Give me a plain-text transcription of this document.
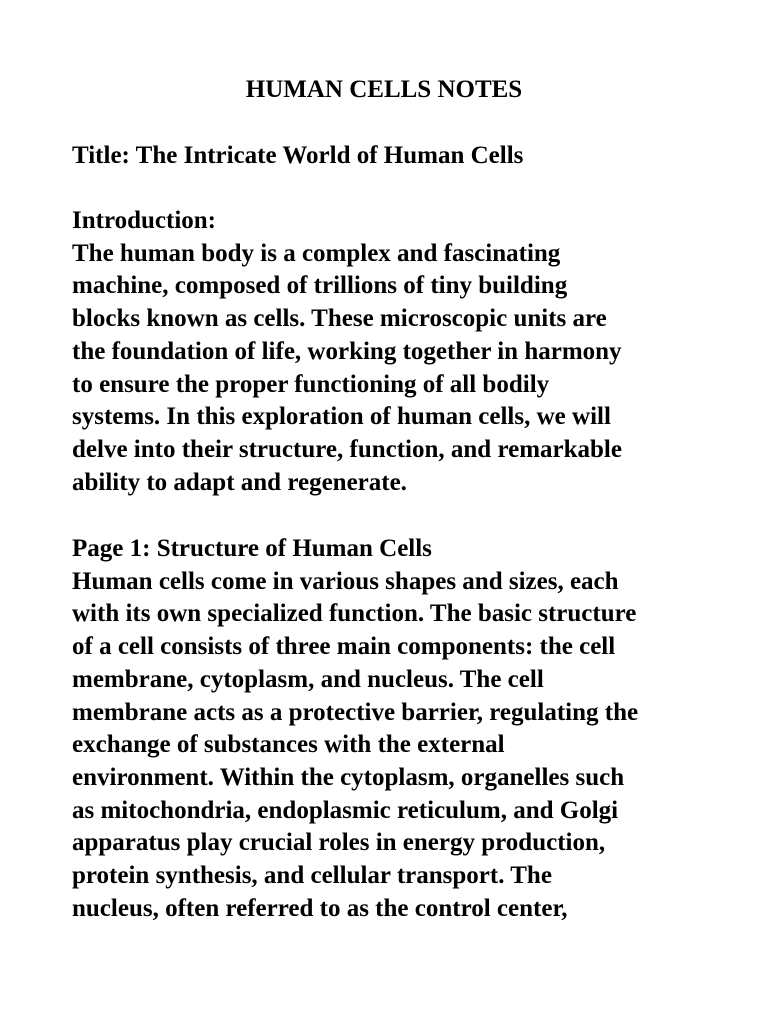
HUMAN CELLS NOTES

Title: The Intricate World of Human Cells

Introduction:
The human body is a complex and fascinating
machine, composed of trillions of tiny building
blocks known as cells. These microscopic units are
the foundation of life, working together in harmony
to ensure the proper functioning of all bodily
systems. In this exploration of human cells, we will
delve into their structure, function, and remarkable
ability to adapt and regenerate.
Page 1: Structure of Human Cells
Human cells come in various shapes and sizes, each
with its own specialized function. The basic structure
of a cell consists of three main components: the cell
membrane, cytoplasm, and nucleus. The cell
membrane acts as a protective barrier, regulating the
exchange of substances with the external
environment. Within the cytoplasm, organelles such
as mitochondria, endoplasmic reticulum, and Golgi
apparatus play crucial roles in energy production,
protein synthesis, and cellular transport. The
nucleus, often referred to as the control center,
